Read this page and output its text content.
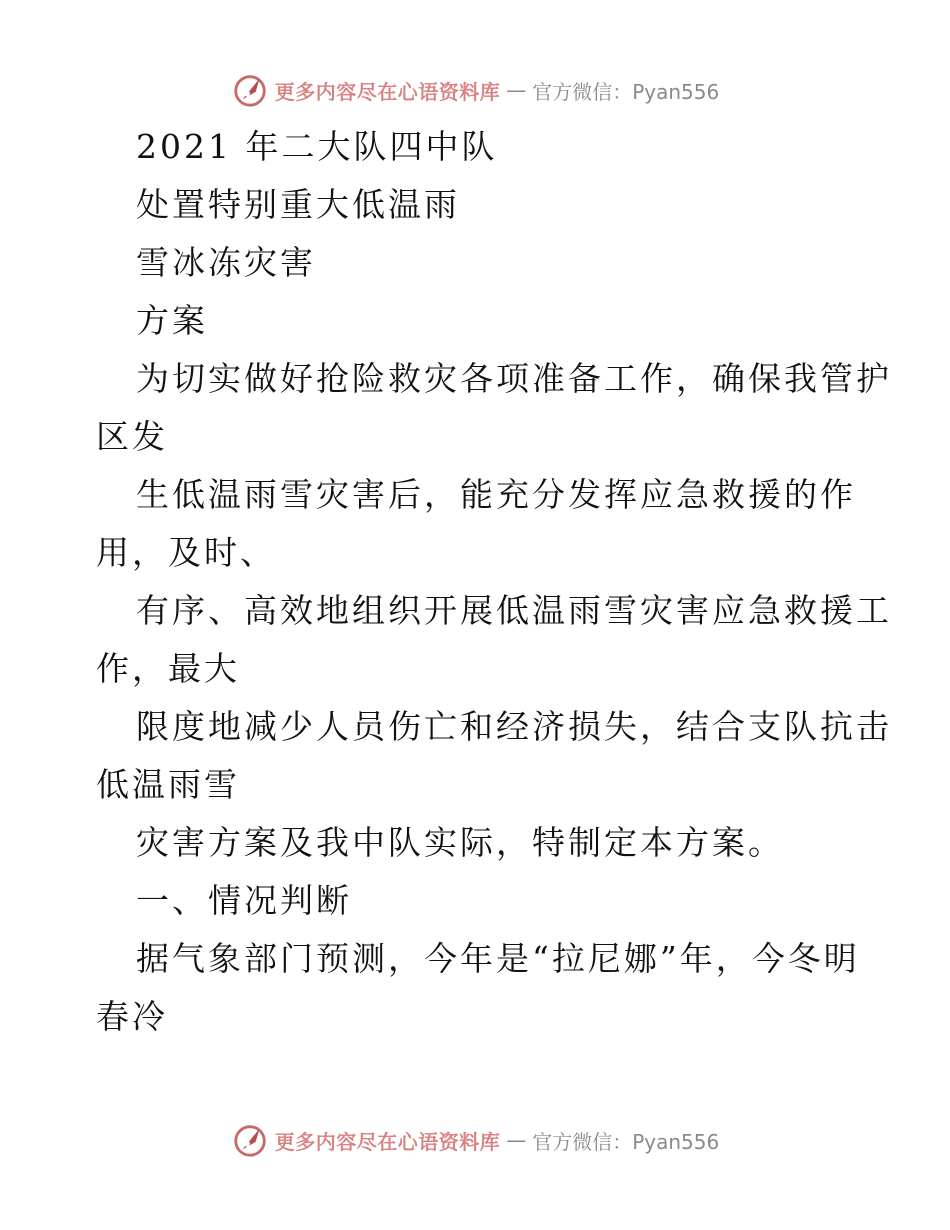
更多内容尽在心语资料库 — 官方微信：Pyan556

2021 年二大队四中队

处置特别重大低温雨

雪冰冻灾害

方案

为切实做好抢险救灾各项准备工作，确保我管护

区发

生低温雨雪灾害后，能充分发挥应急救援的作

用，及时、

有序、高效地组织开展低温雨雪灾害应急救援工

作，最大

限度地减少人员伤亡和经济损失，结合支队抗击

低温雨雪

灾害方案及我中队实际，特制定本方案。

一、情况判断

据气象部门预测，今年是“拉尼娜”年，今冬明

春冷

更多内容尽在心语资料库 — 官方微信：Pyan556
